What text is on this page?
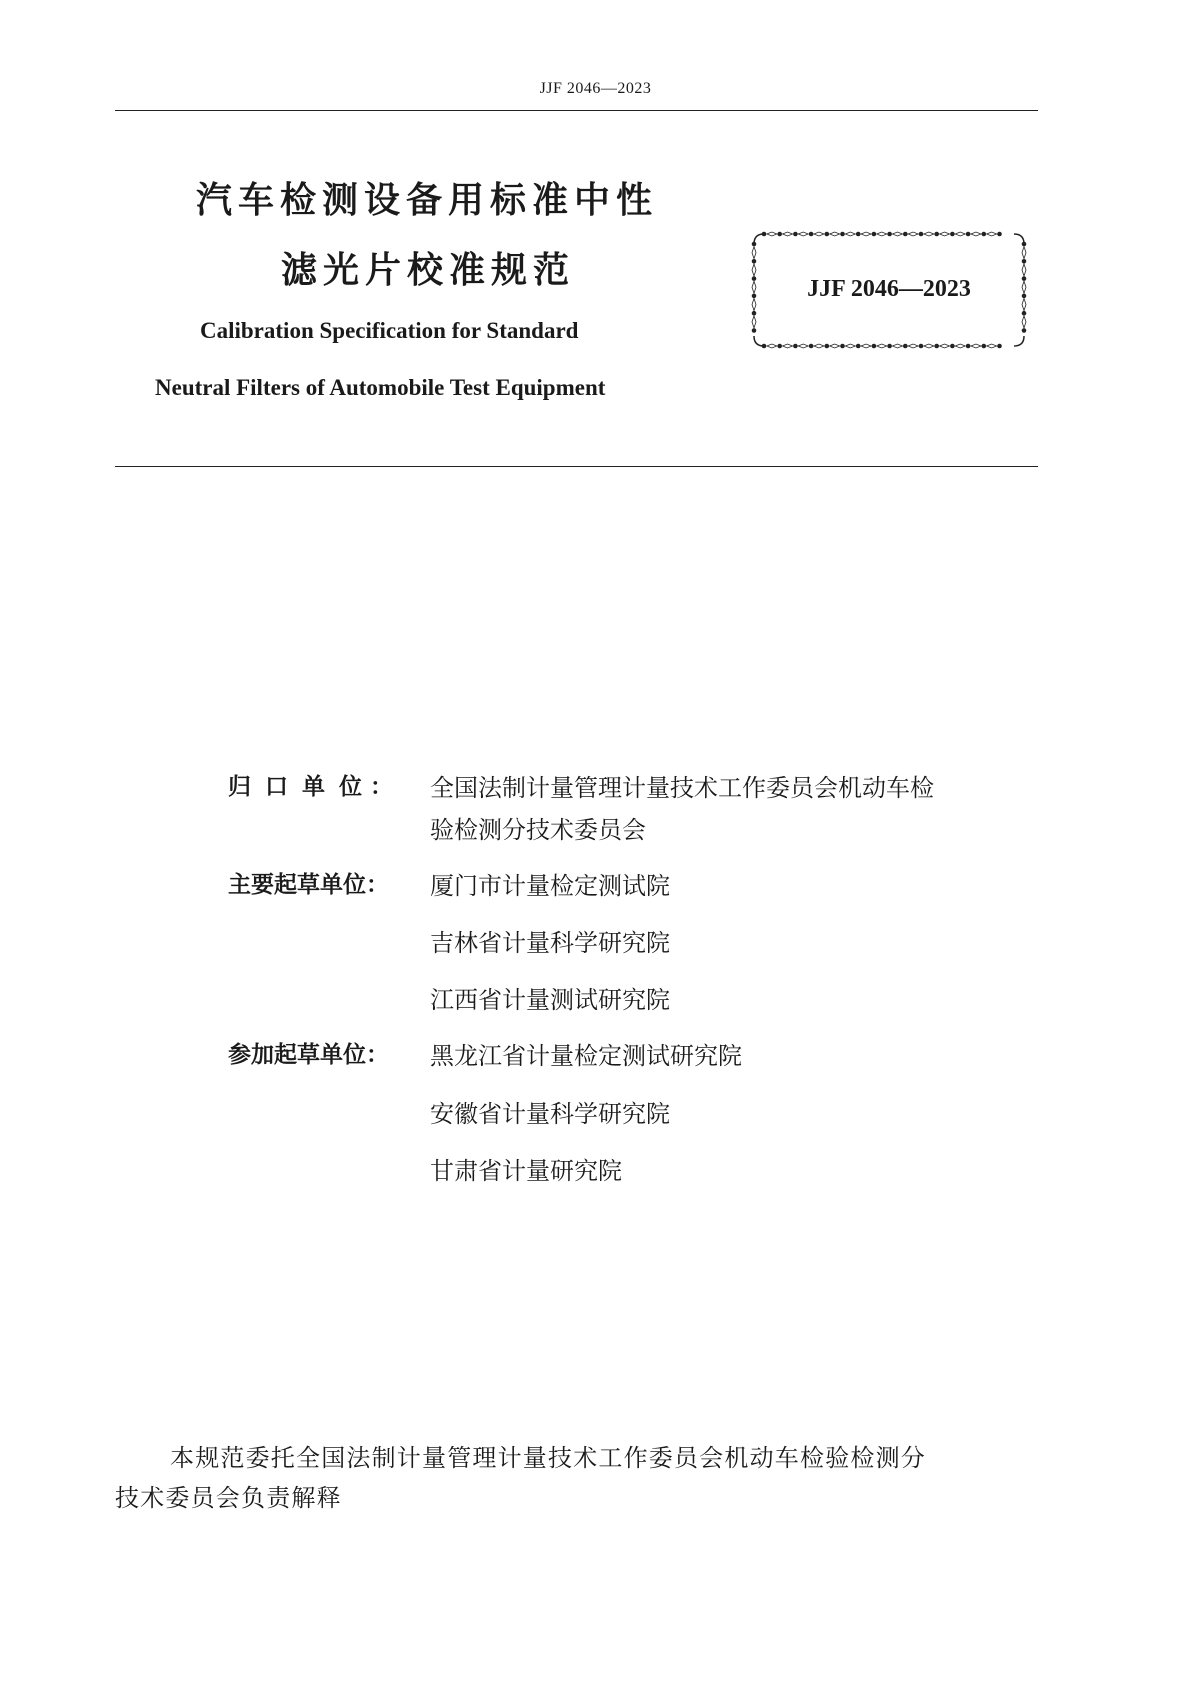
JJF 2046—2023
汽车检测设备用标准中性
滤光片校准规范
Calibration Specification for Standard
Neutral Filters of Automobile Test Equipment
JJF 2046—2023
归口单位
： 全国法制计量管理计量技术工作委员会机动车检
验检测分技术委员会
主要起草单位： 厦门市计量检定测试院
吉林省计量科学研究院
江西省计量测试研究院
参加起草单位： 黑龙江省计量检定测试研究院
安徽省计量科学研究院
甘肃省计量研究院
本规范委托全国法制计量管理计量技术工作委员会机动车检验检测分
技术委员会负责解释
